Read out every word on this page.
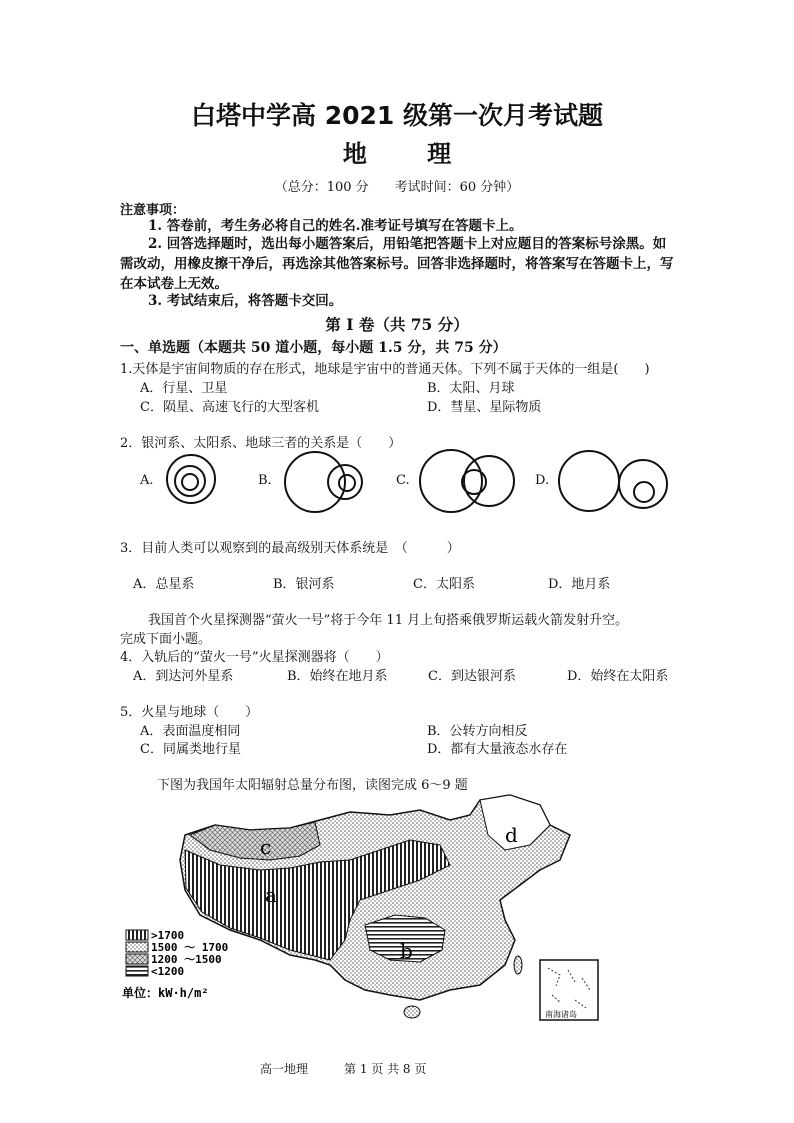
白塔中学高 2021 级第一次月考试题
地 理
（总分：100 分　　考试时间：60 分钟）
注意事项：
1. 答卷前，考生务必将自己的姓名.准考证号填写在答题卡上。
2. 回答选择题时，选出每小题答案后，用铅笔把答题卡上对应题目的答案标号涂黑。如需改动，用橡皮擦干净后，再选涂其他答案标号。回答非选择题时，将答案写在答题卡上，写在本试卷上无效。
3. 考试结束后，将答题卡交回。
第 Ⅰ 卷（共 75 分）
一、单选题（本题共 50 道小题，每小题 1.5 分，共 75 分）
1.天体是宇宙间物质的存在形式，地球是宇宙中的普通天体。下列不属于天体的一组是(　　)
A．行星、卫星	B．太阳、月球
C．陨星、高速飞行的大型客机	D．彗星、星际物质
2．银河系、太阳系、地球三者的关系是（　　）
A.	B.	C.	D.
3．目前人类可以观察到的最高级别天体系统是　（　　　）
A．总星系	B．银河系	C．太阳系	D．地月系
我国首个火星探测器“萤火一号”将于今年 11 月上旬搭乘俄罗斯运载火箭发射升空。
完成下面小题。
4．入轨后的“萤火一号”火星探测器将（　　）
A．到达河外星系	B．始终在地月系	C．到达银河系	D．始终在太阳系
5．火星与地球（　　）
A．表面温度相同	B．公转方向相反
C．同属类地行星	D．都有大量液态水存在
下图为我国年太阳辐射总量分布图，读图完成 6～9 题
c
a
b
d
>1700
1500 ～ 1700
1200 ～1500
<1200
单位：kW·h/m²
南海诸岛
高一地理	第 1 页 共 8 页
